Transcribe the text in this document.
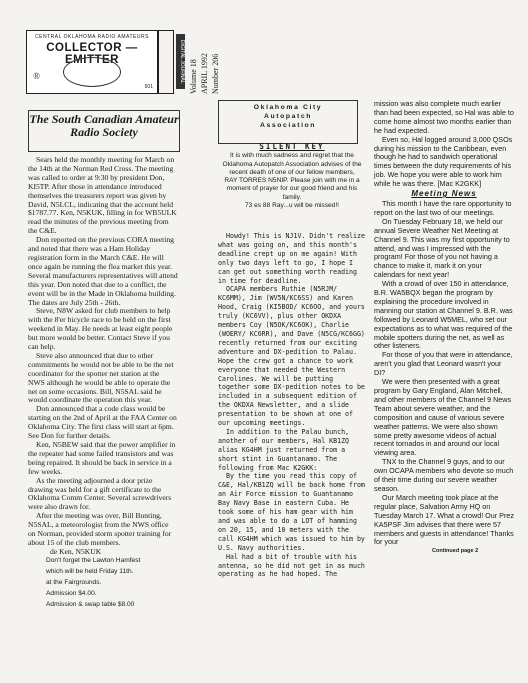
CENTRAL OKLAHOMA RADIO AMATEURS
COLLECTOR — EMITTER
®
501
DIGITAL JOURNAL Volume 18 APRIL 1992 Number 206
The South Canadian Amateur Radio Society

Sears held the monthly meeting for March on the 14th at the Norman Red Cross. The meeting was called to order at 9:30 by president Don, KI5TP. After those in attendance introduced themselves the treasurers report was given by David, N5LCL, indicating that the account held $1787.77. Ken, N5KUK, filling in for WB5ULK read the minutes of the previous meeting from the C&E.

Don reported on the previous CORA meeting and noted that there was a Ham Holiday registration form in the March C&E. He will once again be running the flea market this year. Several manufacturers representatives will attend this year. Don noted that due to a conflict, the event will be in the Made in Oklahoma building. The dates are July 25th - 26th.

Steve, N8W asked for club members to help with the 8'er bicycle race to be held on the first weekend in May. He needs at least eight people but more would be better. Contact Steve if you can help.

Steve also announced that due to other commitments he would not be able to be the net coordinator for the spotter net station at the NWS although he would be able to operate the net on some occasions. Bill, N5SAL said he would coordinate the operation this year.

Don announced that a code class would be starting on the 2nd of April at the FAA Center on Oklahoma City. The first class will start at 6pm. See Don for further details.

Ken, N5BEW said that the power amplifier in the repeater had some failed transistors and was being repaired. It should be back in service in a few weeks.

As the meeting adjourned a door prize drawing was held for a gift certificate to the Oklahoma Comm Center. Several screwdrivers were also drawn for.

After the meeting was over, Bill Bunting, N5SAL, a meteorologist from the NWS office on Norman, provided storm spotter training for about 15 of the club members.

de Ken, N5KUK

Don't forget the Lawton Hamfest
which will be held Friday 11th.
at the Fairgrounds.
Admission $4.00.
Admission & swap table $8.00
Oklahoma City
Autopatch
Association
SILENT KEY
It is with much sadness and regret that the Oklahoma Autopatch Association advises of the recent death of one of our fellow members, RAY TORRES N5NIP. Please join with me in a moment of prayer for our good friend and his family.
73 es 88 Ray...u will be missed!!

Howdy! This is NJ1V. Didn't realize what was going on, and this month's deadline crept up on me again! With only two days left to go, I hope I can get out something worth reading in time for deadline.

OCAPA members Ruthie (N5RJM/ KC6MM), Jim (WV5N/KC6SS) and Karen Hood, Craig (KI5BOD/ KC6OO, and yours truly (KC6VV), plus other OKDXA members Coy (N5OK/KC6OK), Charlie (WOERY/ KC6RR), and Dave (N5CG/KC6GG) recently returned from our exciting adventure and DX-pedition to Palau. Hope the crew got a chance to work everyone that needed the Western Carolines. We will be putting together some DX-pedition notes to be included in a subsequent edition of the OKDXA Newsletter, and a slide presentation to be shown at one of our upcoming meetings.

In addition to the Palau bunch, another of our members, Hal KB1ZQ alias KG4HM just returned from a short stint in Guantanamo. The following from Mac K2GKK:

By the time you read this copy of C&E, Hal/KB1ZQ will be back home from an Air Force mission to Guantanamo Bay Navy Base in eastern Cuba. He took some of his ham gear with him and was able to do a LOT of hamming on 20, 15, and 10 meters with the call KG4HM which was issued to him by U.S. Navy authorities.

Hal had a bit of trouble with his antenna, so he did not get in as much operating as he had hoped. The

mission was also complete much earlier than had been expected, so Hal was able to come home almost two months earlier than he had expected.

Even so, Hal logged around 3,000 QSOs during his mission to the Caribbean, even though he had to sandwich operational times between the duty requirements of his job. We hope you were able to work him while he was there. [Mac K2GKK]

Meeting News

This month I have the rare opportunity to report on the last two of our meetings.

On Tuesday February 18, we held our annual Severe Weather Net Meeting at Channel 9. This was my first opportunity to attend, and was I impressed with the program! For those of you not having a chance to make it, mark it on your calendars for next year!

With a crowd of over 150 in attendance, B.R. WA5BQX began the program by explaining the procedure involved in manning our station at Channel 9. B.R. was followed by Leonard W5MEL, who set our expectations as to what was required of the mobile spotters during the net, as well as other listeners.

For those of you that were in attendance, aren't you glad that Leonard wasn't your DI?

We were then presented with a great program by Gary England, Alan Mitchell, and other members of the Channel 9 News Team about severe weather, and the composition and cause of various severe weather patterns. We were also shown some pretty awesome videos of actual recent tornados in and around our local viewing area.

TNX to the Channel 9 guys, and to our own OCAPA members who devote so much of their time during our severe weather season.

Our March meeting took place at the regular place, Salvation Army HQ on Tuesday March 17. What a crowd! Our Prez KA5PSF Jim advises that there were 57 members and guests in attendance! Thanks for your

Continued page 2
